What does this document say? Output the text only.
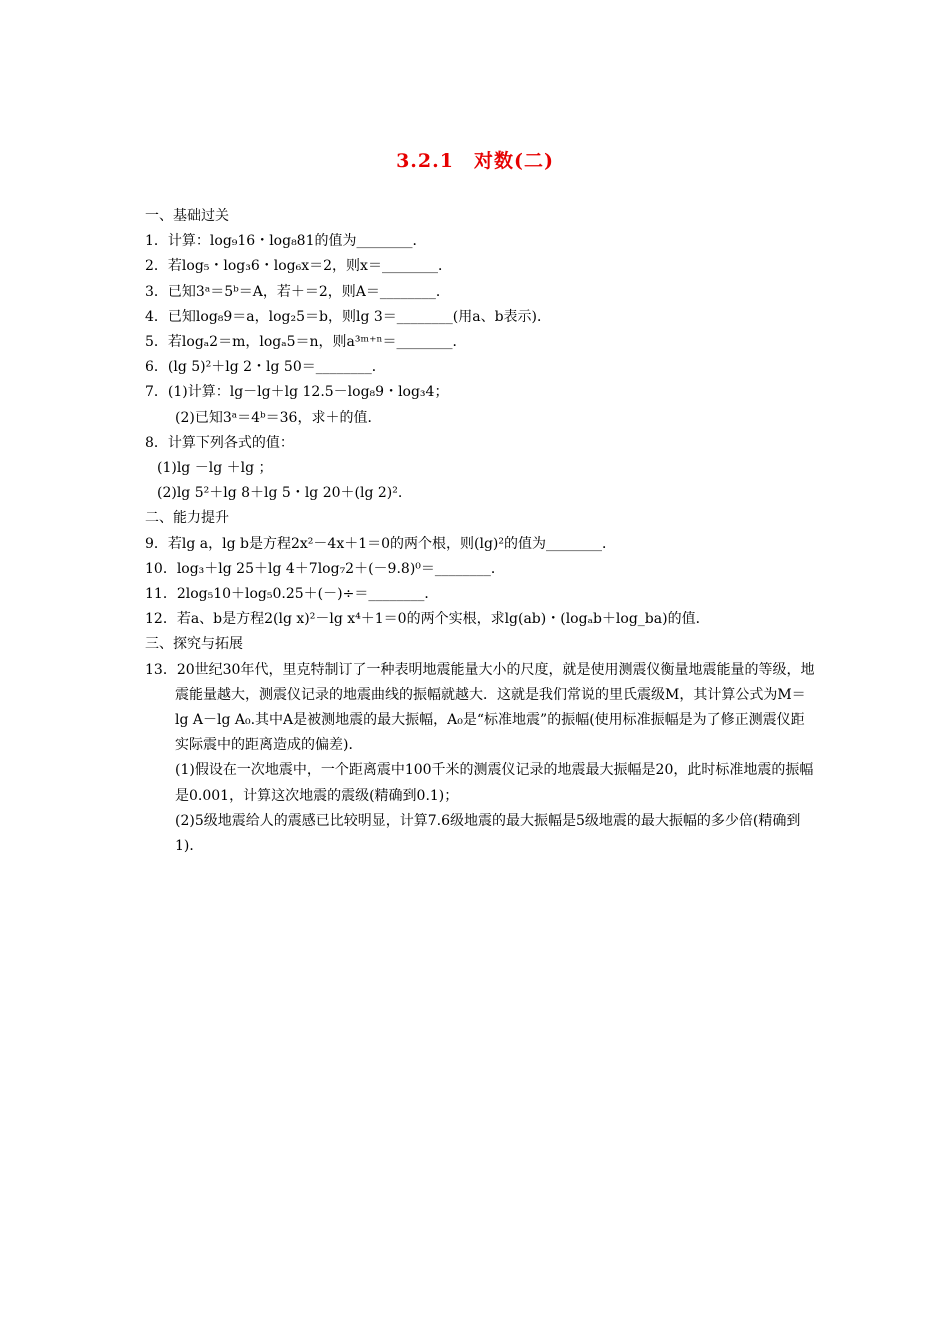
3.2.1　对数(二)
一、基础过关
1．计算：log₉16・log₈81的值为________．
2．若log₅・log₃6・log₆x＝2，则x＝________．
3．已知3ᵃ＝5ᵇ＝A，若＋＝2，则A＝________．
4．已知log₈9＝a，log₂5＝b，则lg 3＝________(用a、b表示)．
5．若logₐ2＝m，logₐ5＝n，则a³ᵐ⁺ⁿ＝________．
6．(lg 5)²＋lg 2・lg 50＝________．
7．(1)计算：lg－lg＋lg 12.5－log₈9・log₃4；
(2)已知3ᵃ＝4ᵇ＝36，求＋的值．
8．计算下列各式的值：
(1)lg －lg ＋lg ；
(2)lg 5²＋lg 8＋lg 5・lg 20＋(lg 2)².
二、能力提升
9．若lg a，lg b是方程2x²－4x＋1＝0的两个根，则(lg)²的值为________．
10．log₃＋lg 25＋lg 4＋7log₇2＋(－9.8)⁰＝________．
11．2log₅10＋log₅0.25＋(－)÷＝________．
12．若a、b是方程2(lg x)²－lg x⁴＋1＝0的两个实根，求lg(ab)・(logₐb＋log_ba)的值．
三、探究与拓展
13．20世纪30年代，里克特制订了一种表明地震能量大小的尺度，就是使用测震仪衡量地震能量的等级，地震能量越大，测震仪记录的地震曲线的振幅就越大．这就是我们常说的里氏震级M，其计算公式为M＝lg A－lg A₀.其中A是被测地震的最大振幅，A₀是“标准地震”的振幅(使用标准振幅是为了修正测震仪距实际震中的距离造成的偏差)．
(1)假设在一次地震中，一个距离震中100千米的测震仪记录的地震最大振幅是20，此时标准地震的振幅是0.001，计算这次地震的震级(精确到0.1)；
(2)5级地震给人的震感已比较明显，计算7.6级地震的最大振幅是5级地震的最大振幅的多少倍(精确到1)．
